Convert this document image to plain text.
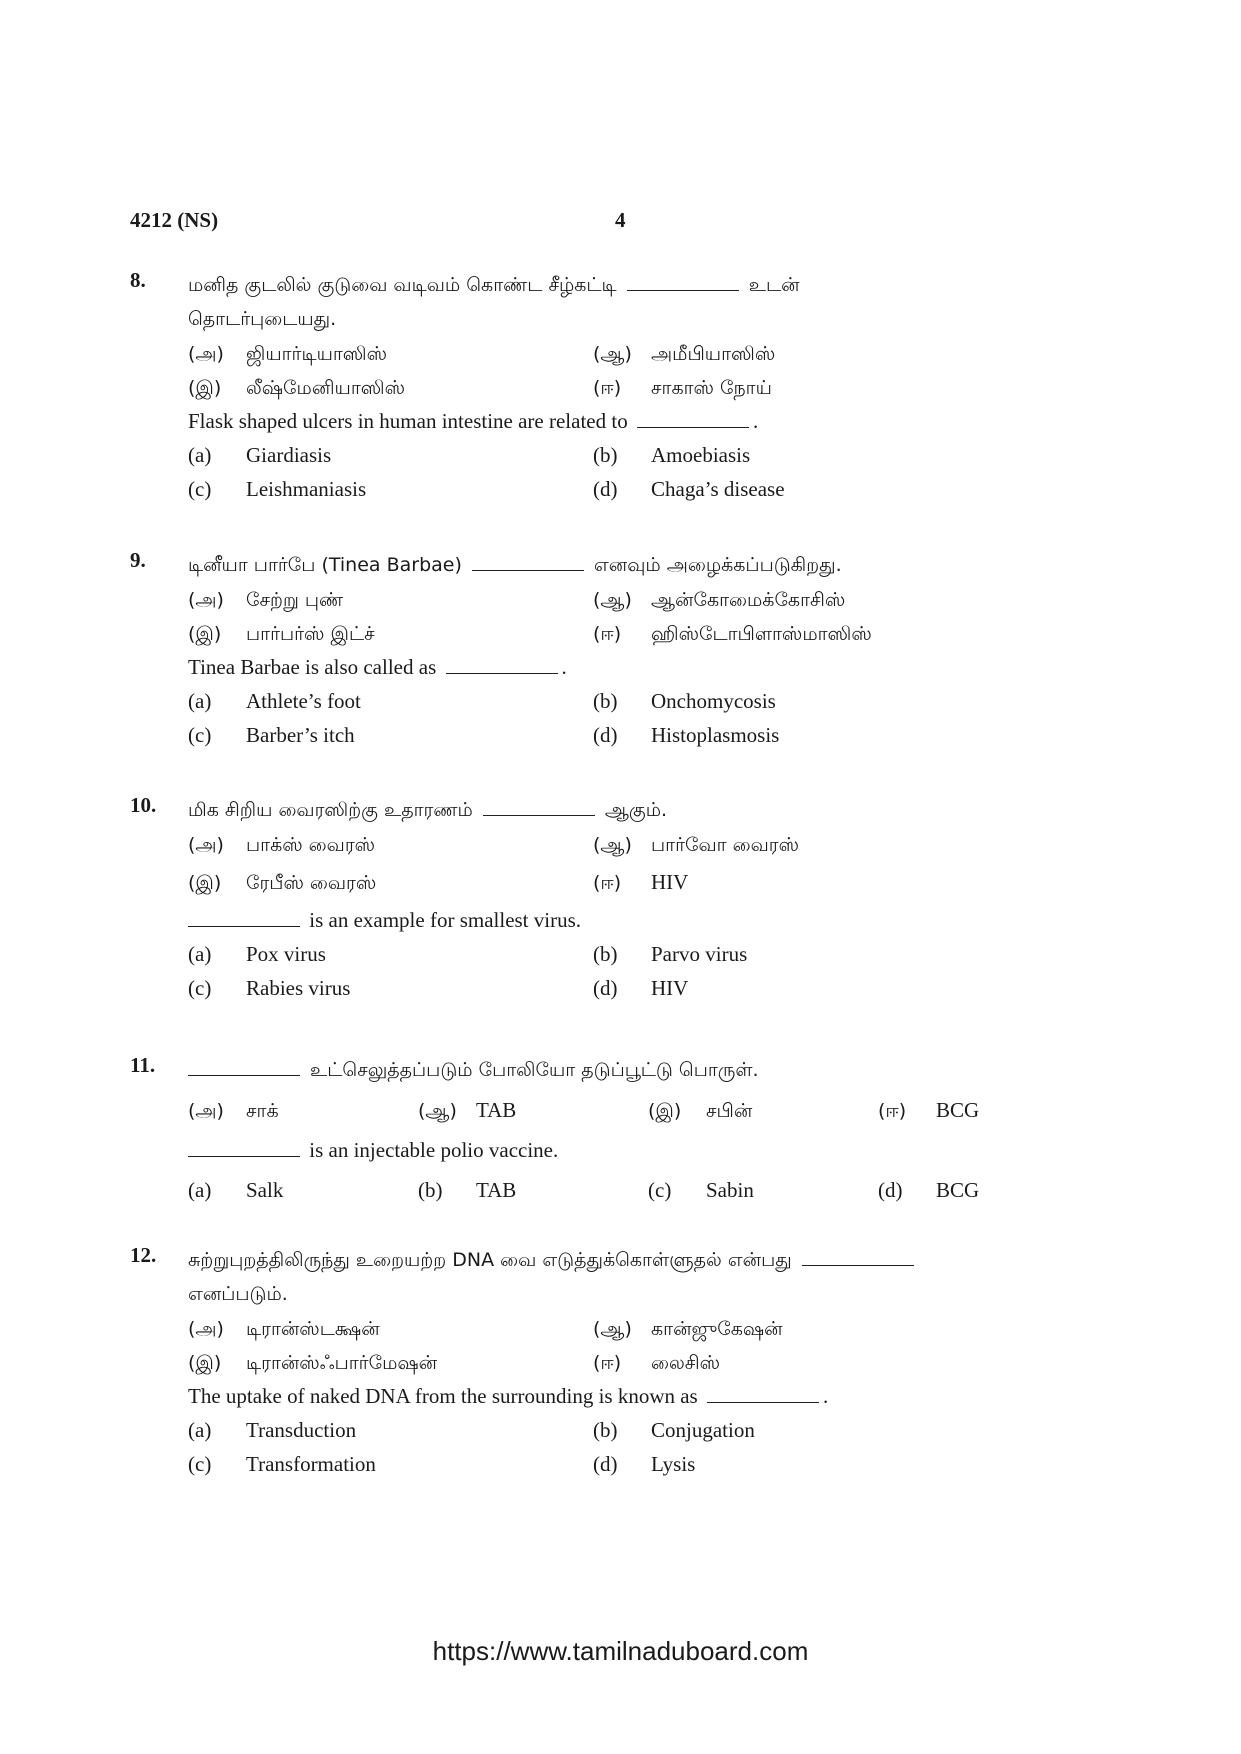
4212 (NS)	4
8. மனித குடலில் குடுவை வடிவம் கொண்ட சீழ்கட்டி	உடன்
தொடர்புடையது.
(அ) ஜியார்டியாஸிஸ்	(ஆ) அமீபியாஸிஸ்
(இ) லீஷ்மேனியாஸிஸ்	(ஈ) சாகாஸ் நோய்
Flask shaped ulcers in human intestine are related to	.
(a) Giardiasis	(b) Amoebiasis
(c) Leishmaniasis	(d) Chaga’s disease
9. டினீயா பார்பே (Tinea Barbae)	எனவும் அழைக்கப்படுகிறது.
(அ) சேற்று புண்	(ஆ) ஆன்கோமைக்கோசிஸ்
(இ) பார்பர்ஸ் இட்ச்	(ஈ) ஹிஸ்டோபிளாஸ்மாஸிஸ்
Tinea Barbae is also called as	.
(a) Athlete’s foot	(b) Onchomycosis
(c) Barber’s itch	(d) Histoplasmosis
10. மிக சிறிய வைரஸிற்கு உதாரணம்	ஆகும்.
(அ) பாக்ஸ் வைரஸ்	(ஆ) பார்வோ வைரஸ்
(இ) ரேபீஸ் வைரஸ்	(ஈ) HIV
is an example for smallest virus.
(a) Pox virus	(b) Parvo virus
(c) Rabies virus	(d) HIV
11.	உட்செலுத்தப்படும் போலியோ தடுப்பூட்டு பொருள்.
(அ) சாக்	(ஆ) TAB	(இ) சபின்	(ஈ) BCG
is an injectable polio vaccine.
(a) Salk	(b) TAB	(c) Sabin	(d) BCG
12. சுற்றுபுறத்திலிருந்து உறையற்ற DNA வை எடுத்துக்கொள்ளுதல் என்பது
எனப்படும்.
(அ) டிரான்ஸ்டக்ஷன்	(ஆ) கான்ஜுகேஷன்
(இ) டிரான்ஸ்ஃபார்மேஷன்	(ஈ) லைசிஸ்
The uptake of naked DNA from the surrounding is known as	.
(a) Transduction	(b) Conjugation
(c) Transformation	(d) Lysis
https://www.tamilnaduboard.com
